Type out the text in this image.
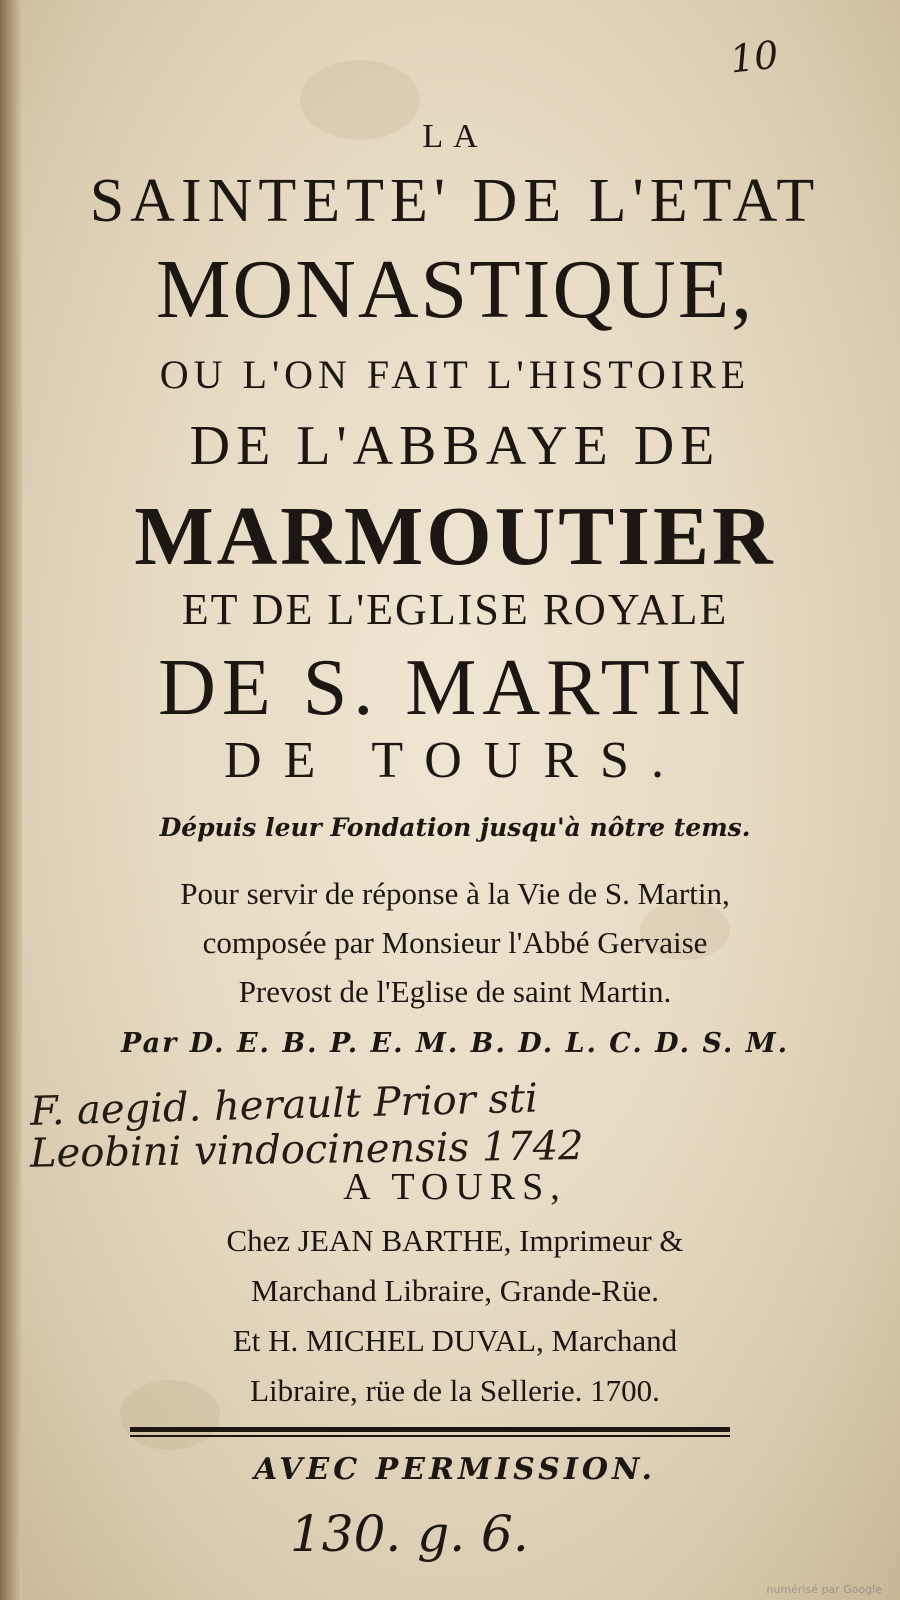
10
LA
SAINTETE' DE L'ETAT
MONASTIQUE,
OU L'ON FAIT L'HISTOIRE
DE L'ABBAYE DE
MARMOUTIER
ET DE L'EGLISE ROYALE
DE S. MARTIN
DE TOURS.
Dépuis leur Fondation jusqu'à nôtre tems.
Pour servir de réponse à la Vie de S. Martin,
composée par Monsieur l'Abbé Gervaise
Prevost de l'Eglise de saint Martin.
Par D. E. B. P. E. M. B. D. L. C. D. S. M.
F. aegid. herault Prior sti
Leobini vindocinensis 1742
A TOURS,
Chez JEAN BARTHE, Imprimeur &
Marchand Libraire, Grande-Rüe.
Et H. MICHEL DUVAL, Marchand
Libraire, rüe de la Sellerie. 1700.
AVEC PERMISSION.
130. g. 6.
numérisé par Google
